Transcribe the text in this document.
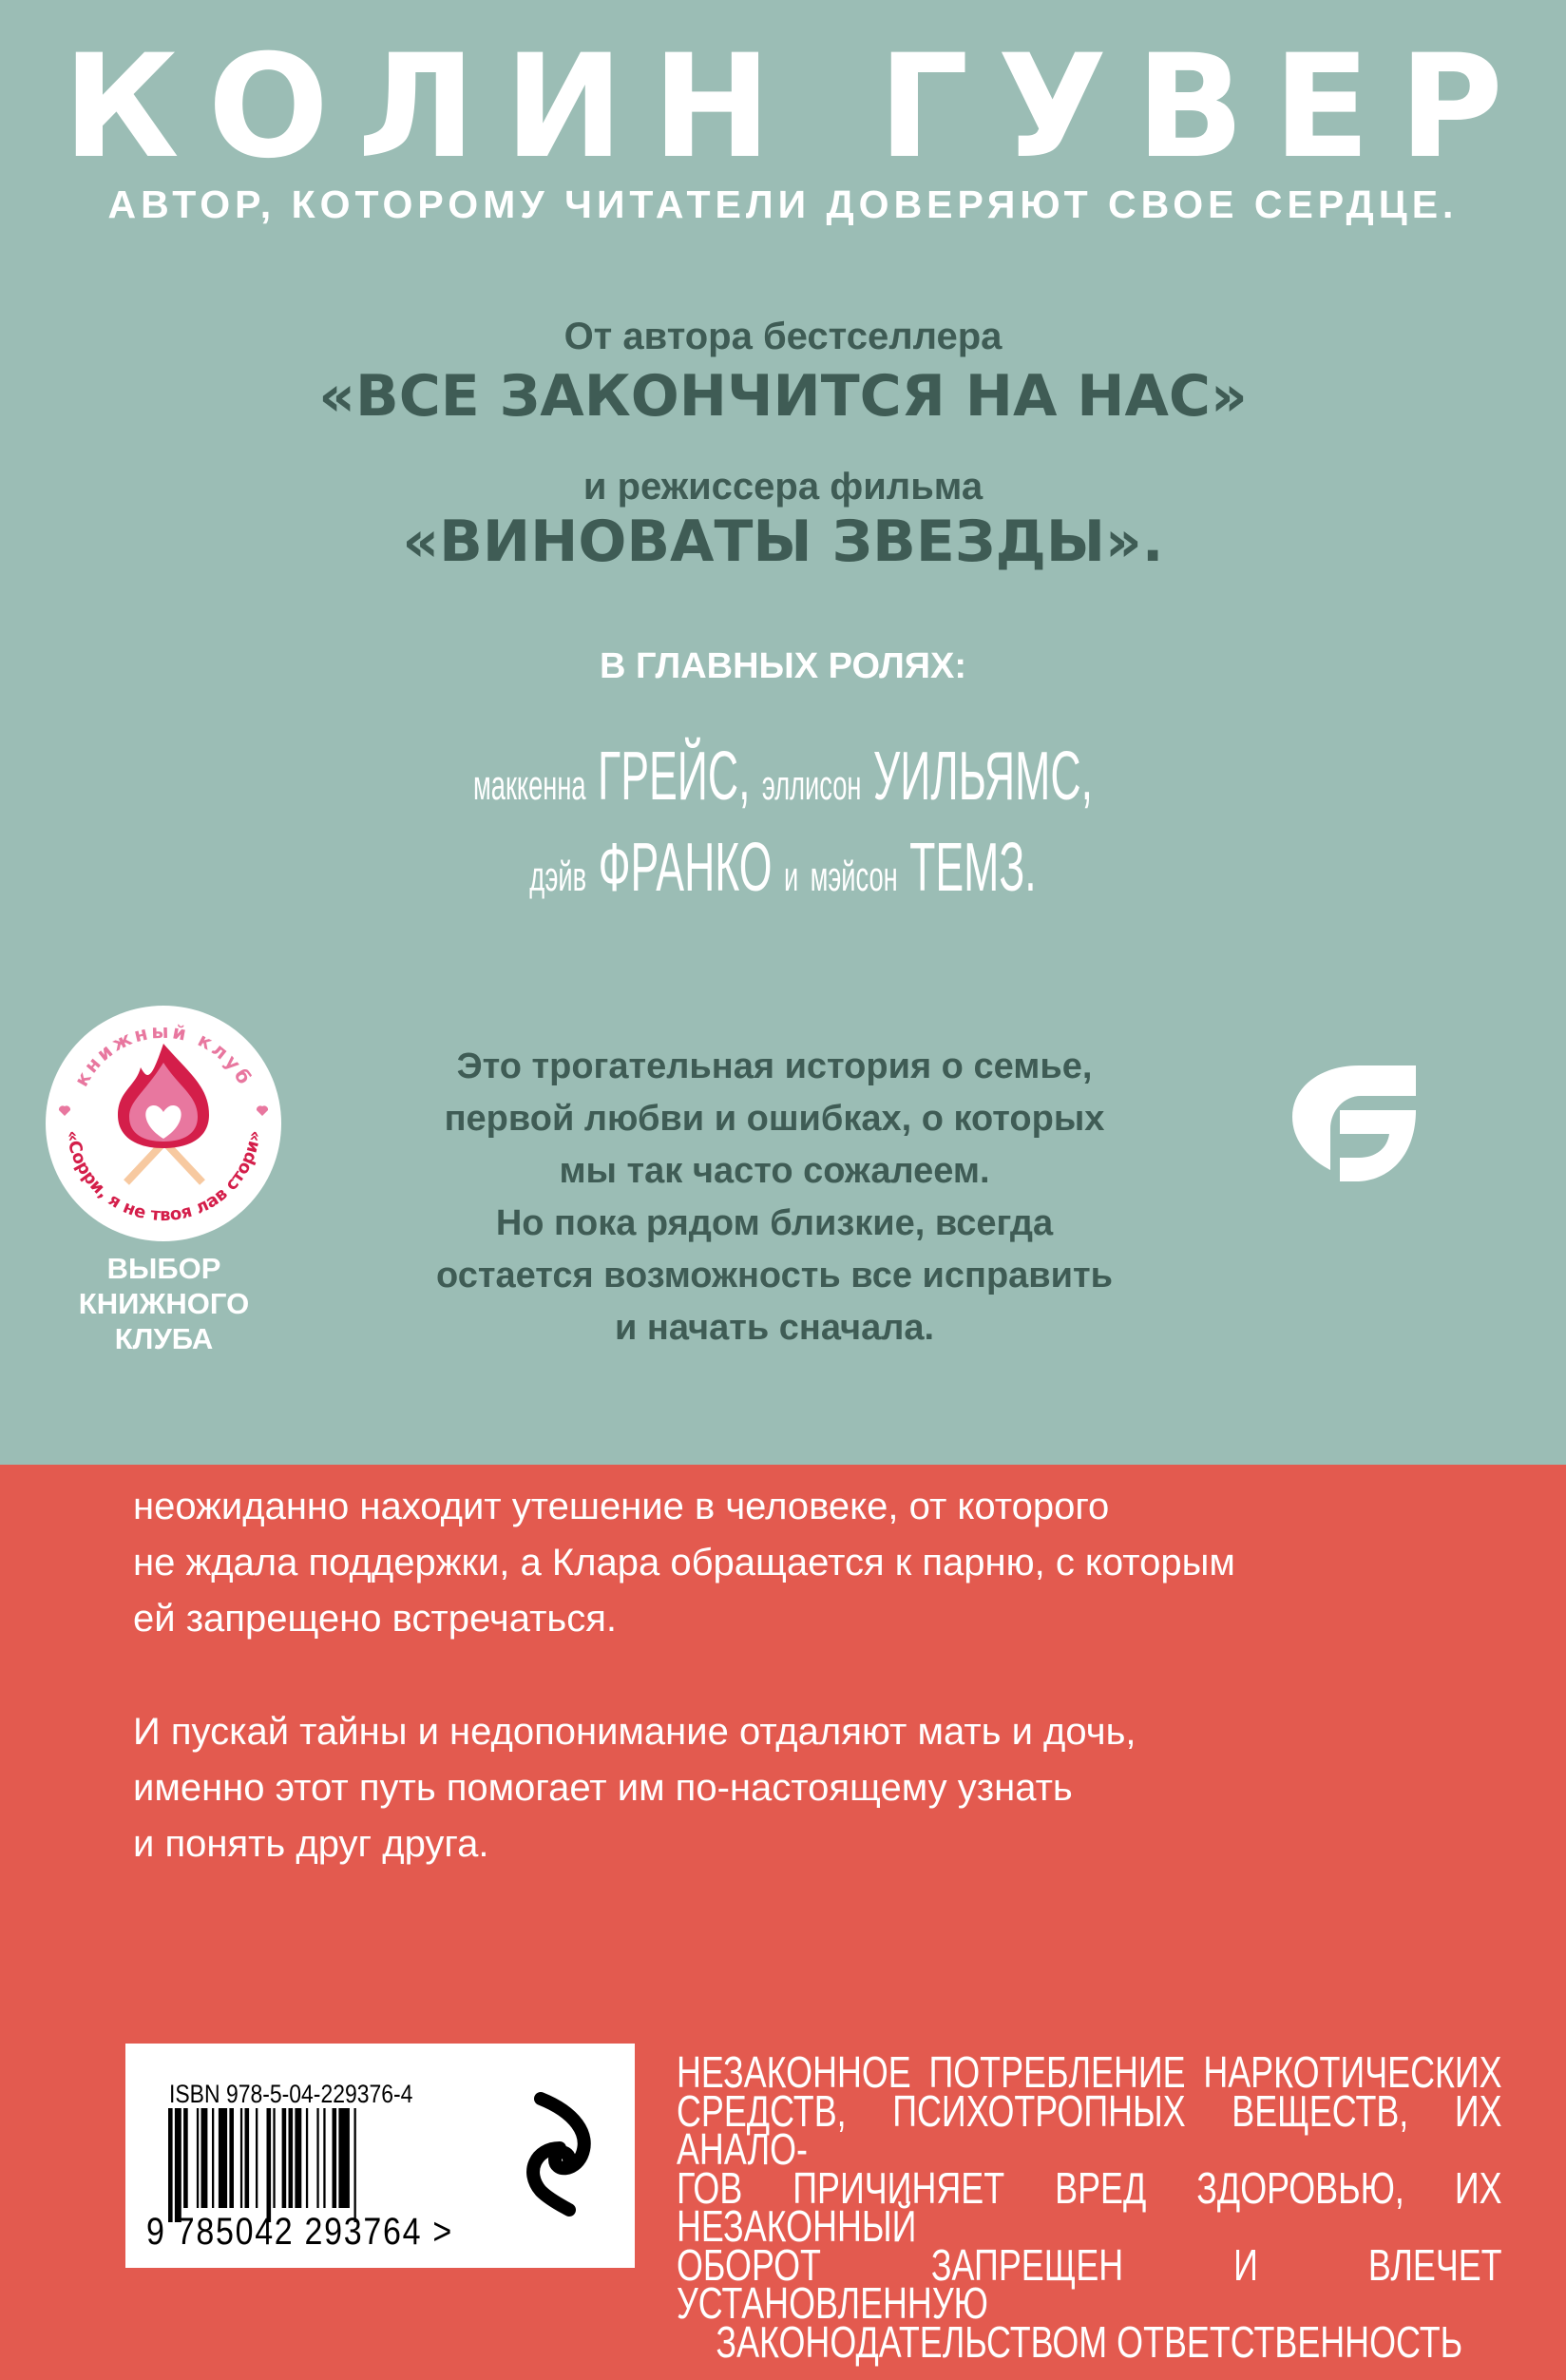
КОЛИН ГУВЕР
АВТОР, КОТОРОМУ ЧИТАТЕЛИ ДОВЕРЯЮТ СВОЕ СЕРДЦЕ.
От автора бестселлера
«ВСЕ ЗАКОНЧИТСЯ НА НАС»
и режиссера фильма
«ВИНОВАТЫ ЗВЕЗДЫ».
В ГЛАВНЫХ РОЛЯХ:
маккенна ГРЕЙС, эллисон УИЛЬЯМС,
дэйв ФРАНКО и мэйсон ТЕМЗ.
книжный клуб
«Сорри, я не твоя лав стори»
ВЫБОР
КНИЖНОГО
КЛУБА
Это трогательная история о семье,
первой любви и ошибках, о которых
мы так часто сожалеем.
Но пока рядом близкие, всегда
остается возможность все исправить
и начать сначала.
неожиданно находит утешение в человеке, от которого
не ждала поддержки, а Клара обращается к парню, с которым
ей запрещено встречаться.
И пускай тайны и недопонимание отдаляют мать и дочь,
именно этот путь помогает им по-настоящему узнать
и понять друг друга.
ISBN 978-5-04-229376-4
9 785042 293764 >
НЕЗАКОННОЕ ПОТРЕБЛЕНИЕ НАРКОТИЧЕСКИХ
СРЕДСТВ, ПСИХОТРОПНЫХ ВЕЩЕСТВ, ИХ АНАЛО-
ГОВ ПРИЧИНЯЕТ ВРЕД ЗДОРОВЬЮ, ИХ НЕЗАКОННЫЙ
ОБОРОТ ЗАПРЕЩЕН И ВЛЕЧЕТ УСТАНОВЛЕННУЮ
ЗАКОНОДАТЕЛЬСТВОМ ОТВЕТСТВЕННОСТЬ
